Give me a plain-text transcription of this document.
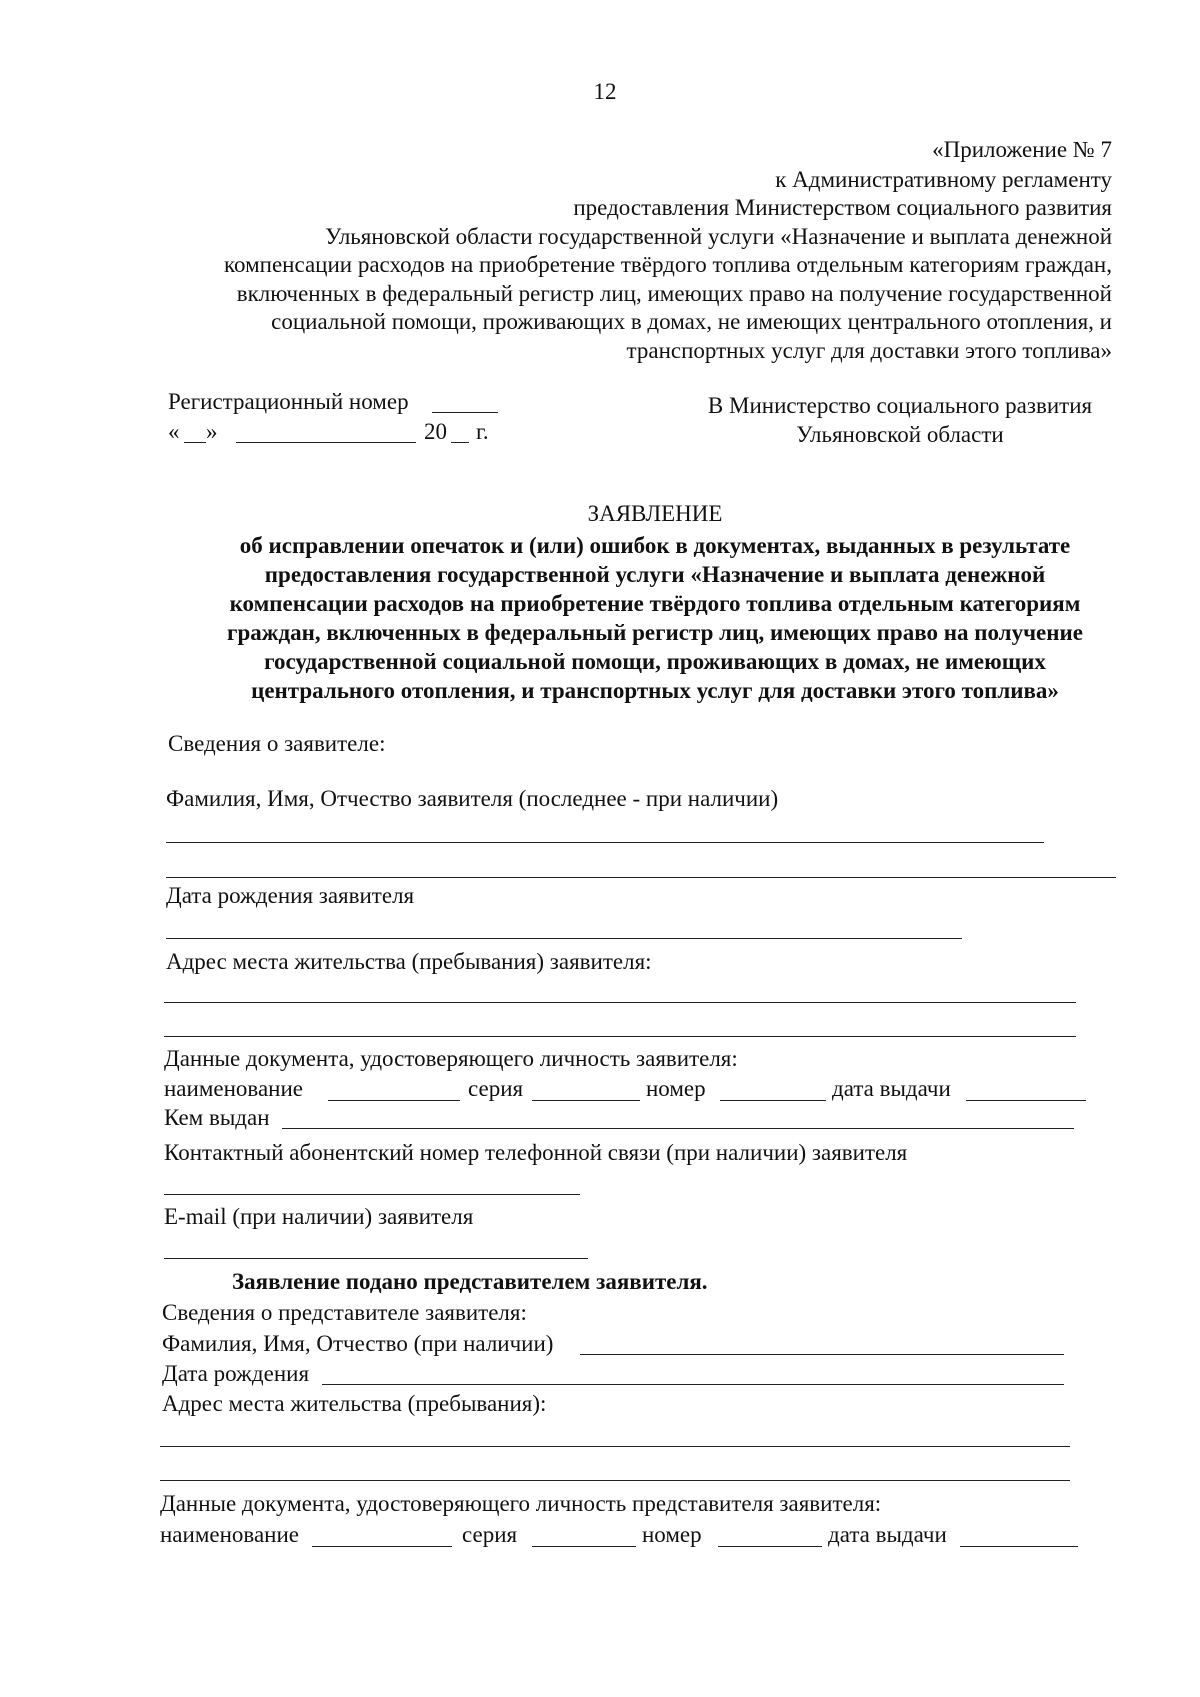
12
«Приложение № 7
к Административному регламенту
предоставления Министерством социального развития
Ульяновской области государственной услуги «Назначение и выплата денежной
компенсации расходов на приобретение твёрдого топлива отдельным категориям граждан,
включенных в федеральный регистр лиц, имеющих право на получение государственной
социальной помощи, проживающих в домах, не имеющих центрального отопления, и
транспортных услуг для доставки этого топлива»
Регистрационный номер
« »	20 г.
В Министерство социального развития
Ульяновской области
ЗАЯВЛЕНИЕ
об исправлении опечаток и (или) ошибок в документах, выданных в результате
предоставления государственной услуги «Назначение и выплата денежной
компенсации расходов на приобретение твёрдого топлива отдельным категориям
граждан, включенных в федеральный регистр лиц, имеющих право на получение
государственной социальной помощи, проживающих в домах, не имеющих
центрального отопления, и транспортных услуг для доставки этого топлива»
Сведения о заявителе:
Фамилия, Имя, Отчество заявителя (последнее - при наличии)
Дата рождения заявителя
Адрес места жительства (пребывания) заявителя:
Данные документа, удостоверяющего личность заявителя:
наименование	серия	номер	дата выдачи
Кем выдан
Контактный абонентский номер телефонной связи (при наличии) заявителя
E-mail (при наличии) заявителя
Заявление подано представителем заявителя.
Сведения о представителе заявителя:
Фамилия, Имя, Отчество (при наличии)
Дата рождения
Адрес места жительства (пребывания):
Данные документа, удостоверяющего личность представителя заявителя:
наименование	серия	номер	дата выдачи
